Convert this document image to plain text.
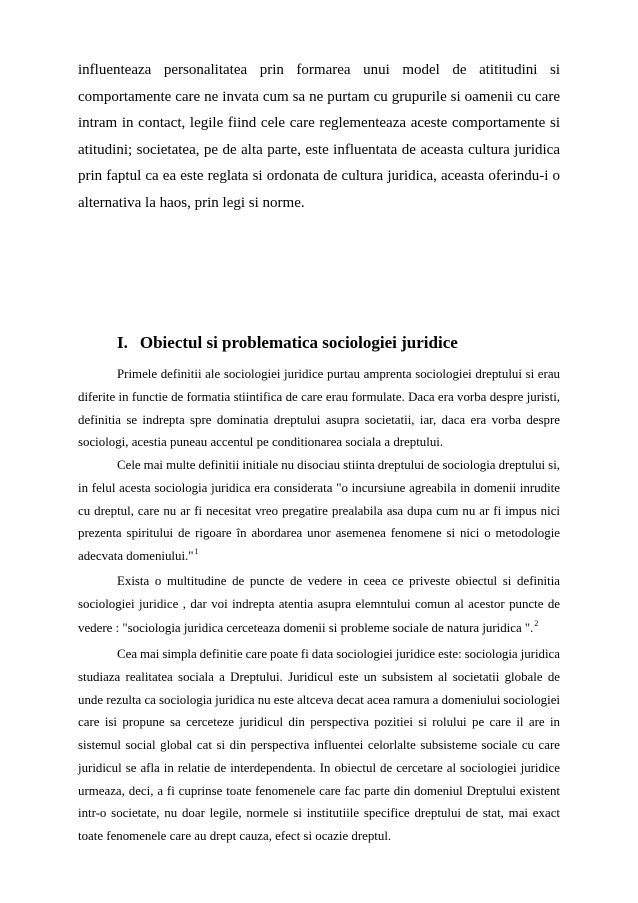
influenteaza personalitatea prin formarea unui model de atititudini si
comportamente care ne invata cum sa ne purtam cu grupurile si oamenii cu care
intram in contact, legile fiind cele care reglementeaza aceste comportamente si
atitudini; societatea, pe de alta parte, este influentata de aceasta cultura juridica
prin faptul ca ea este reglata si ordonata de cultura juridica, aceasta oferindu-i o
alternativa la haos, prin legi si norme.
I. Obiectul si problematica sociologiei juridice
Primele definitii ale sociologiei juridice purtau amprenta sociologiei dreptului si erau
diferite in functie de formatia stiintifica de care erau formulate. Daca era vorba despre juristi,
definitia se indrepta spre dominatia dreptului asupra societatii, iar, daca era vorba despre
sociologi, acestia puneau accentul pe conditionarea sociala a dreptului.
Cele mai multe definitii initiale nu disociau stiinta dreptului de sociologia dreptului si,
in felul acesta sociologia juridica era considerata "o incursiune agreabila in domenii inrudite
cu dreptul, care nu ar fi necesitat vreo pregatire prealabila asa dupa cum nu ar fi impus nici
prezenta spiritului de rigoare în abordarea unor asemenea fenomene si nici o metodologie
adecvata domeniului."$^1$
Exista o multitudine de puncte de vedere in ceea ce priveste obiectul si definitia
sociologiei juridice , dar voi indrepta atentia asupra elemntului comun al acestor puncte de
vedere : "sociologia juridica cerceteaza domenii si probleme sociale de natura juridica ".$^2$
Cea mai simpla definitie care poate fi data sociologiei juridice este: sociologia juridica
studiaza realitatea sociala a Dreptului. Juridicul este un subsistem al societatii globale de
unde rezulta ca sociologia juridica nu este altceva decat acea ramura a domeniului sociologiei
care isi propune sa cerceteze juridicul din perspectiva pozitiei si rolului pe care il are in
sistemul social global cat si din perspectiva influentei celorlalte subsisteme sociale cu care
juridicul se afla in relatie de interdependenta. In obiectul de cercetare al sociologiei juridice
urmeaza, deci, a fi cuprinse toate fenomenele care fac parte din domeniul Dreptului existent
intr-o societate, nu doar legile, normele si institutiile specifice dreptului de stat, mai exact
toate fenomenele care au drept cauza, efect si ocazie dreptul.
